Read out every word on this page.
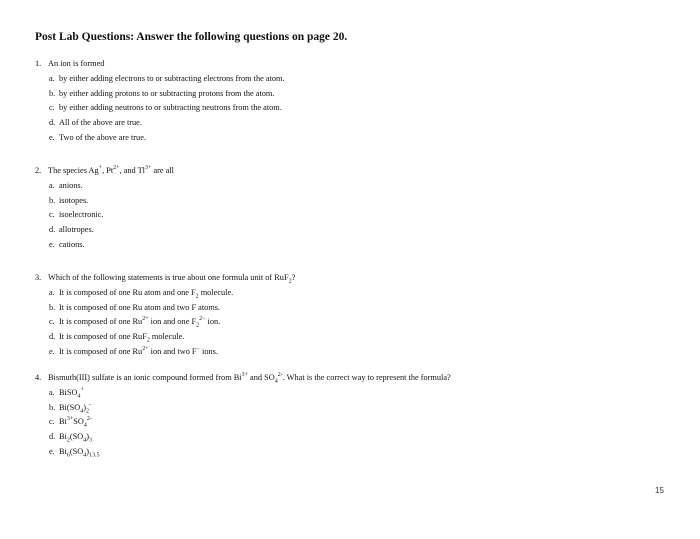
Post Lab Questions: Answer the following questions on page 20.
1. An ion is formed
a. by either adding electrons to or subtracting electrons from the atom.
b. by either adding protons to or subtracting protons from the atom.
c. by either adding neutrons to or subtracting neutrons from the atom.
d. All of the above are true.
e. Two of the above are true.
2. The species Ag+, $Pt^{2+}$, and $Tl^{3+}$ are all
a. anions.
b. isotopes.
c. isoelectronic.
d. allotropes.
e. cations.
3. Which of the following statements is true about one formula unit of RuF$_2$?
a. It is composed of one Ru atom and one $F_2$ molecule.
b. It is composed of one Ru atom and two F atoms.
c. It is composed of one $Ru^{2+}$ ion and one $F_2^{2-}$ ion.
d. It is composed of one RuF$_2$ molecule.
e. It is composed of one $Ru^{2+}$ ion and two F− ions.
4. Bismuth(III) sulfate is an ionic compound formed from $Bi^{3+}$ and $SO_4^{2-}$. What is the correct way to represent the formula?
a. BiSO$_4$+
b. $Bi(SO_4)_2^-$
c. $Bi^{3+}SO_4^{2-}$
d. $Bi_2(SO_4)_3$
e. $Bi_6(SO_4)_{13.5}$
15
